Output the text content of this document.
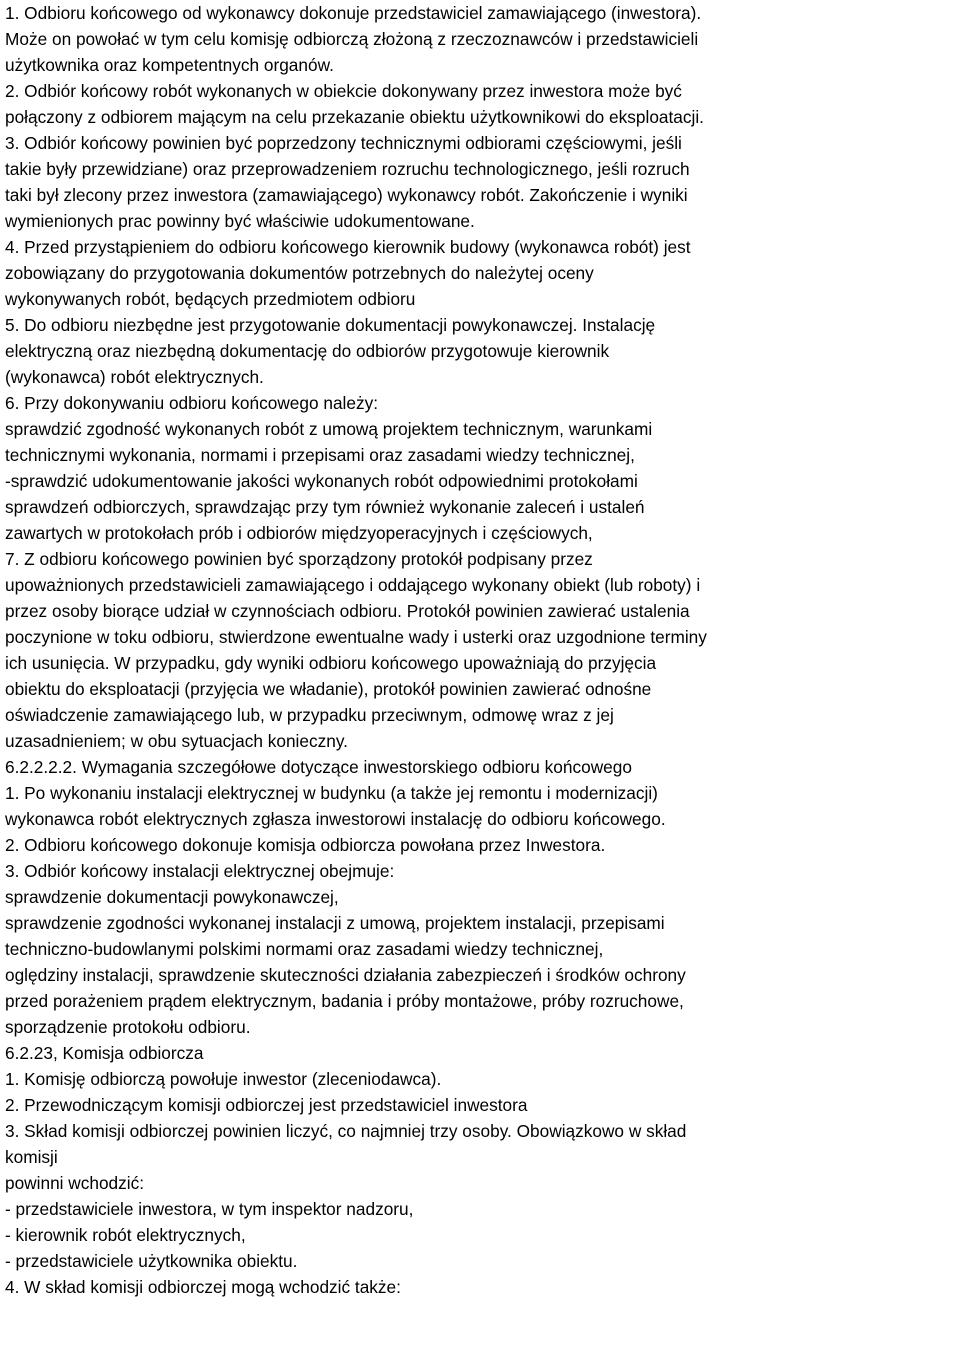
1. Odbioru końcowego od wykonawcy dokonuje przedstawiciel zamawiającego (inwestora).

Może on powołać w tym celu komisję odbiorczą złożoną z rzeczoznawców i przedstawicieli

użytkownika oraz kompetentnych organów.

2. Odbiór końcowy robót wykonanych w obiekcie dokonywany przez inwestora może być

połączony z odbiorem mającym na celu przekazanie obiektu użytkownikowi do eksploatacji.

3. Odbiór końcowy powinien być poprzedzony technicznymi odbiorami częściowymi, jeśli

takie były przewidziane) oraz przeprowadzeniem rozruchu technologicznego, jeśli rozruch

taki był zlecony przez inwestora (zamawiającego) wykonawcy robót. Zakończenie i wyniki

wymienionych prac powinny być właściwie udokumentowane.

4. Przed przystąpieniem do odbioru końcowego kierownik budowy (wykonawca robót) jest

zobowiązany do przygotowania dokumentów potrzebnych do należytej oceny

wykonywanych robót, będących przedmiotem odbioru

5. Do odbioru niezbędne jest przygotowanie dokumentacji powykonawczej. Instalację

elektryczną oraz niezbędną dokumentację do odbiorów przygotowuje kierownik

(wykonawca) robót elektrycznych.

6. Przy dokonywaniu odbioru końcowego należy:

sprawdzić zgodność wykonanych robót z umową projektem technicznym, warunkami

technicznymi wykonania, normami i przepisami oraz zasadami wiedzy technicznej,

-sprawdzić udokumentowanie jakości wykonanych robót odpowiednimi protokołami

sprawdzeń odbiorczych, sprawdzając przy tym również wykonanie zaleceń i ustaleń

zawartych w protokołach prób i odbiorów międzyoperacyjnych i częściowych,

7. Z odbioru końcowego powinien być sporządzony protokół podpisany przez

upoważnionych przedstawicieli zamawiającego i oddającego wykonany obiekt (lub roboty) i

przez osoby biorące udział w czynnościach odbioru. Protokół powinien zawierać ustalenia

poczynione w toku odbioru, stwierdzone ewentualne wady i usterki oraz uzgodnione terminy

ich usunięcia. W przypadku, gdy wyniki odbioru końcowego upoważniają do przyjęcia

obiektu do eksploatacji (przyjęcia we władanie), protokół powinien zawierać odnośne

oświadczenie zamawiającego lub, w przypadku przeciwnym, odmowę wraz z jej

uzasadnieniem; w obu sytuacjach konieczny.

6.2.2.2.2. Wymagania szczegółowe dotyczące inwestorskiego odbioru końcowego

1. Po wykonaniu instalacji elektrycznej w budynku (a także jej remontu i modernizacji)

wykonawca robót elektrycznych zgłasza inwestorowi instalację do odbioru końcowego.

2. Odbioru końcowego dokonuje komisja odbiorcza powołana przez Inwestora.

3. Odbiór końcowy instalacji elektrycznej obejmuje:

sprawdzenie dokumentacji powykonawczej,

sprawdzenie zgodności wykonanej instalacji z umową, projektem instalacji, przepisami

techniczno-budowlanymi polskimi normami oraz zasadami wiedzy technicznej,

oględziny instalacji, sprawdzenie skuteczności działania zabezpieczeń i środków ochrony

przed porażeniem prądem elektrycznym, badania i próby montażowe, próby rozruchowe,

sporządzenie protokołu odbioru.

6.2.23, Komisja odbiorcza

1. Komisję odbiorczą powołuje inwestor (zleceniodawca).

2. Przewodniczącym komisji odbiorczej jest przedstawiciel inwestora

3. Skład komisji odbiorczej powinien liczyć, co najmniej trzy osoby. Obowiązkowo w skład

komisji

powinni wchodzić:

- przedstawiciele inwestora, w tym inspektor nadzoru,

- kierownik robót elektrycznych,

- przedstawiciele użytkownika obiektu.

4. W skład komisji odbiorczej mogą wchodzić także:
